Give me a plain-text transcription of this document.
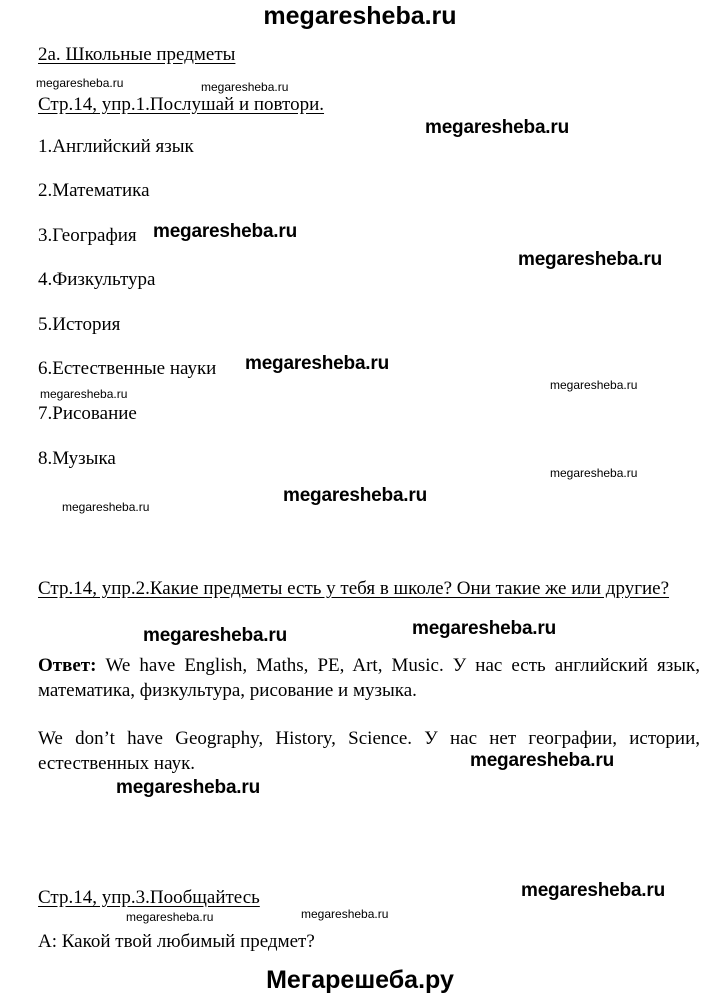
megaresheba.ru
2а. Школьные предметы
Стр.14, упр.1.Послушай и повтори.
1.Английский язык
2.Математика
3.География
4.Физкультура
5.История
6.Естественные науки
7.Рисование
8.Музыка
Стр.14, упр.2.Какие предметы есть у тебя в школе? Они такие же или другие?
Ответ: We have English, Maths, PE, Art, Music. У нас есть английский язык, математика, физкультура, рисование и музыка.
We don’t have Geography, History, Science. У нас нет географии, истории, естественных наук.
Стр.14, упр.3.Пообщайтесь
А: Какой твой любимый предмет?
megaresheba.ru
megaresheba.ru
megaresheba.ru
megaresheba.ru
megaresheba.ru
megaresheba.ru	megaresheba.ru
megaresheba.ru
megaresheba.ru
megaresheba.ru
megaresheba.ru	megaresheba.ru
megaresheba.ru
megaresheba.ru
megaresheba.ru
megaresheba.ru
megaresheba.ru	megaresheba.ru
Мегарешеба.ру
